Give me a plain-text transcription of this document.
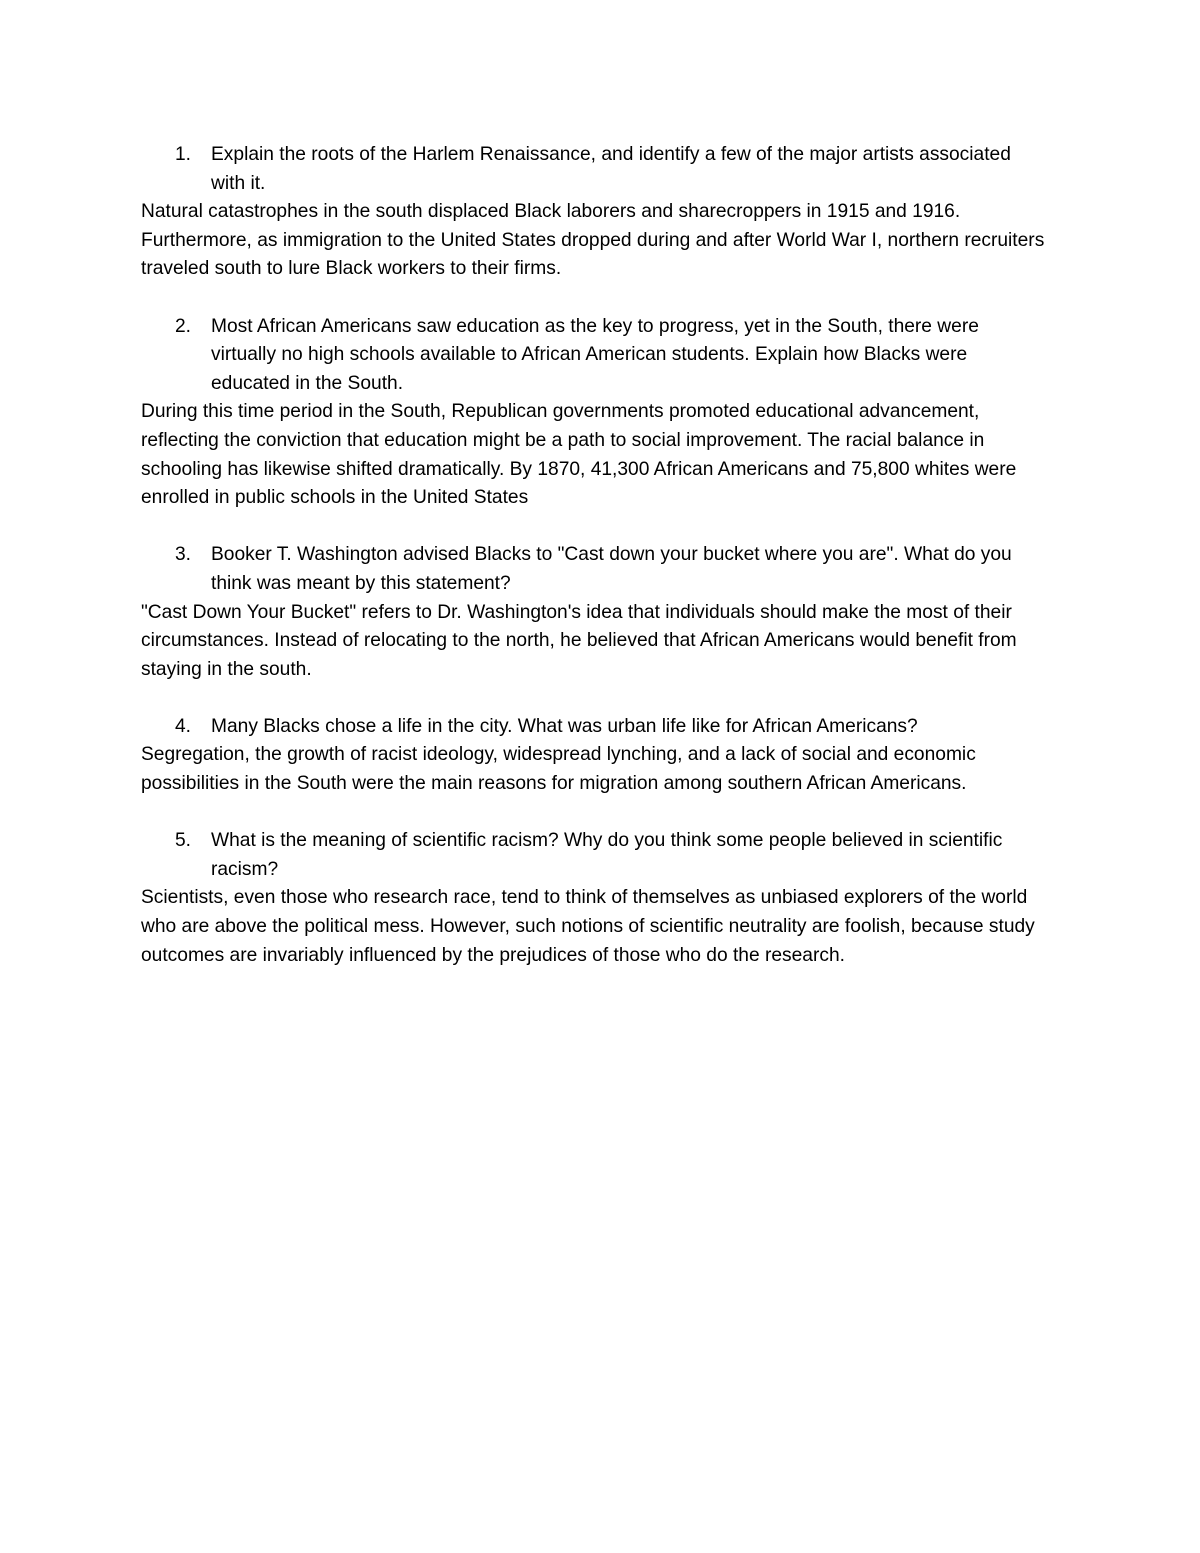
1.	Explain the roots of the Harlem Renaissance, and identify a few of the major artists associated with it.

Natural catastrophes in the south displaced Black laborers and sharecroppers in 1915 and 1916. Furthermore, as immigration to the United States dropped during and after World War I, northern recruiters traveled south to lure Black workers to their firms.

2.	Most African Americans saw education as the key to progress, yet in the South, there were virtually no high schools available to African American students. Explain how Blacks were educated in the South.

During this time period in the South, Republican governments promoted educational advancement, reflecting the conviction that education might be a path to social improvement. The racial balance in schooling has likewise shifted dramatically. By 1870, 41,300 African Americans and 75,800 whites were enrolled in public schools in the United States

3.	Booker T. Washington advised Blacks to "Cast down your bucket where you are". What do you think was meant by this statement?

"Cast Down Your Bucket" refers to Dr. Washington's idea that individuals should make the most of their circumstances. Instead of relocating to the north, he believed that African Americans would benefit from staying in the south.

4.	Many Blacks chose a life in the city. What was urban life like for African Americans?

Segregation, the growth of racist ideology, widespread lynching, and a lack of social and economic possibilities in the South were the main reasons for migration among southern African Americans.

5.	What is the meaning of scientific racism? Why do you think some people believed in scientific racism?

Scientists, even those who research race, tend to think of themselves as unbiased explorers of the world who are above the political mess. However, such notions of scientific neutrality are foolish, because study outcomes are invariably influenced by the prejudices of those who do the research.
